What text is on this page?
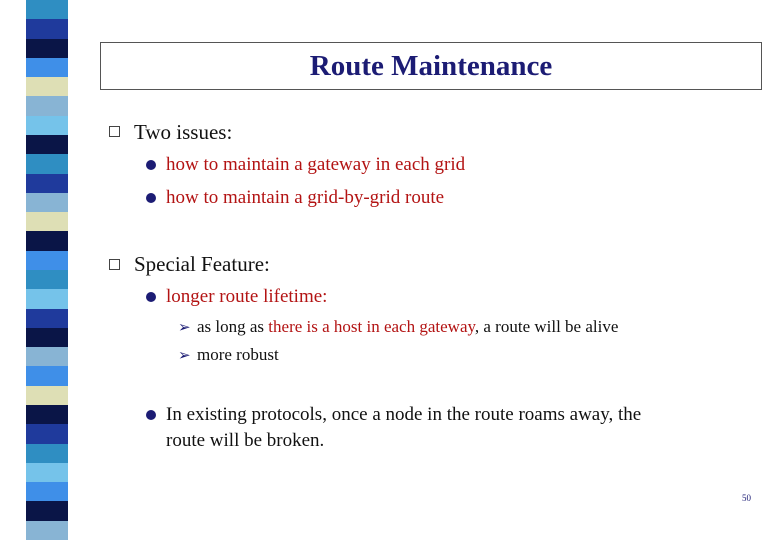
Route Maintenance
Two issues:
how to maintain a gateway in each grid
how to maintain a grid-by-grid route
Special Feature:
longer route lifetime:
➢ as long as there is a host in each gateway, a route will be alive
➢ more robust
In existing protocols, once a node in the route roams away, the
route will be broken.
50
